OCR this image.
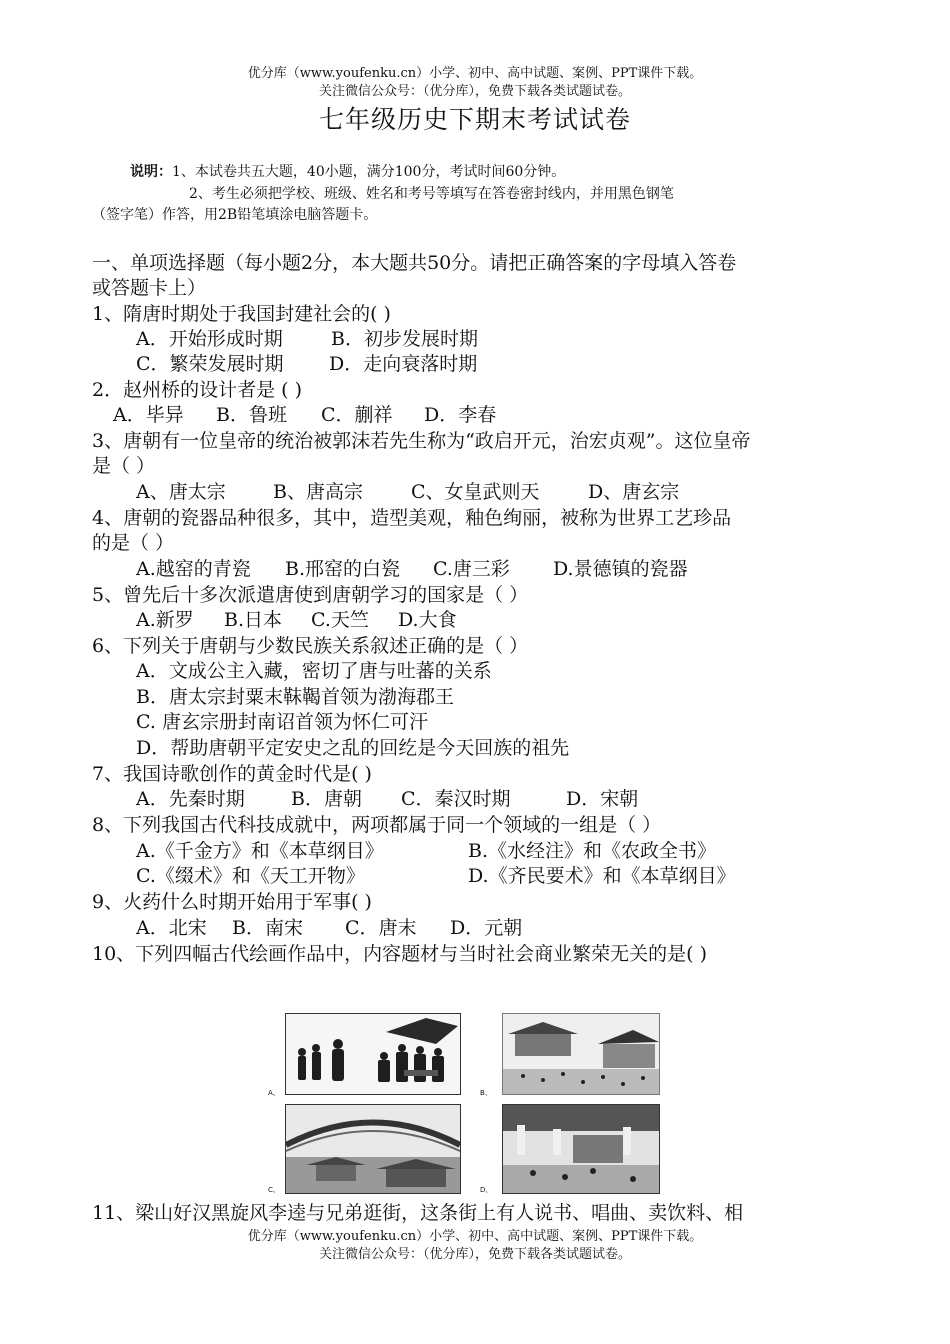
优分库（www.youfenku.cn）小学、初中、高中试题、案例、PPT课件下载。
关注微信公众号：（优分库），免费下载各类试题试卷。
七年级历史下期末考试试卷
说明：1、本试卷共五大题，40小题，满分100分，考试时间60分钟。
2、考生必须把学校、班级、姓名和考号等填写在答卷密封线内，并用黑色钢笔
（签字笔）作答，用2B铅笔填涂电脑答题卡。
一、单项选择题（每小题2分，本大题共50分。请把正确答案的字母填入答卷
或答题卡上）
1、隋唐时期处于我国封建社会的( )
A．开始形成时期	B．初步发展时期
C．繁荣发展时期 D．走向衰落时期
2．赵州桥的设计者是 ( )
A．毕异 B．鲁班 C．蒯祥 D．李春
3、唐朝有一位皇帝的统治被郭沫若先生称为“政启开元，治宏贞观”。这位皇帝
是（ ）
A、唐太宗 B、唐高宗	C、女皇武则天	D、唐玄宗
4、唐朝的瓷器品种很多，其中，造型美观，釉色绚丽，被称为世界工艺珍品
的是（ ）
A.越窑的青瓷 B.邢窑的白瓷 C.唐三彩 D.景德镇的瓷器
5、曾先后十多次派遣唐使到唐朝学习的国家是（ ）
A.新罗 B.日本 C.天竺 D.大食
6、下列关于唐朝与少数民族关系叙述正确的是（ ）
A．文成公主入藏，密切了唐与吐蕃的关系
B．唐太宗封粟末靺鞨首领为渤海郡王
C. 唐玄宗册封南诏首领为怀仁可汗
D．帮助唐朝平定安史之乱的回纥是今天回族的祖先
7、我国诗歌创作的黄金时代是( )
A．先秦时期 B．唐朝 C．秦汉时期	D．宋朝
8、下列我国古代科技成就中，两项都属于同一个领域的一组是（ ）
A.《千金方》和《本草纲目》	B.《水经注》和《农政全书》
C.《缀术》和《天工开物》	D.《齐民要术》和《本草纲目》
9、火药什么时期开始用于军事( )
A．北宋 B．南宋 C．唐末 D．元朝
10、下列四幅古代绘画作品中，内容题材与当时社会商业繁荣无关的是( )
A、	B、
C、	D、
11、梁山好汉黑旋风李逵与兄弟逛街，这条街上有人说书、唱曲、卖饮料、相
优分库（www.youfenku.cn）小学、初中、高中试题、案例、PPT课件下载。
关注微信公众号：（优分库），免费下载各类试题试卷。
